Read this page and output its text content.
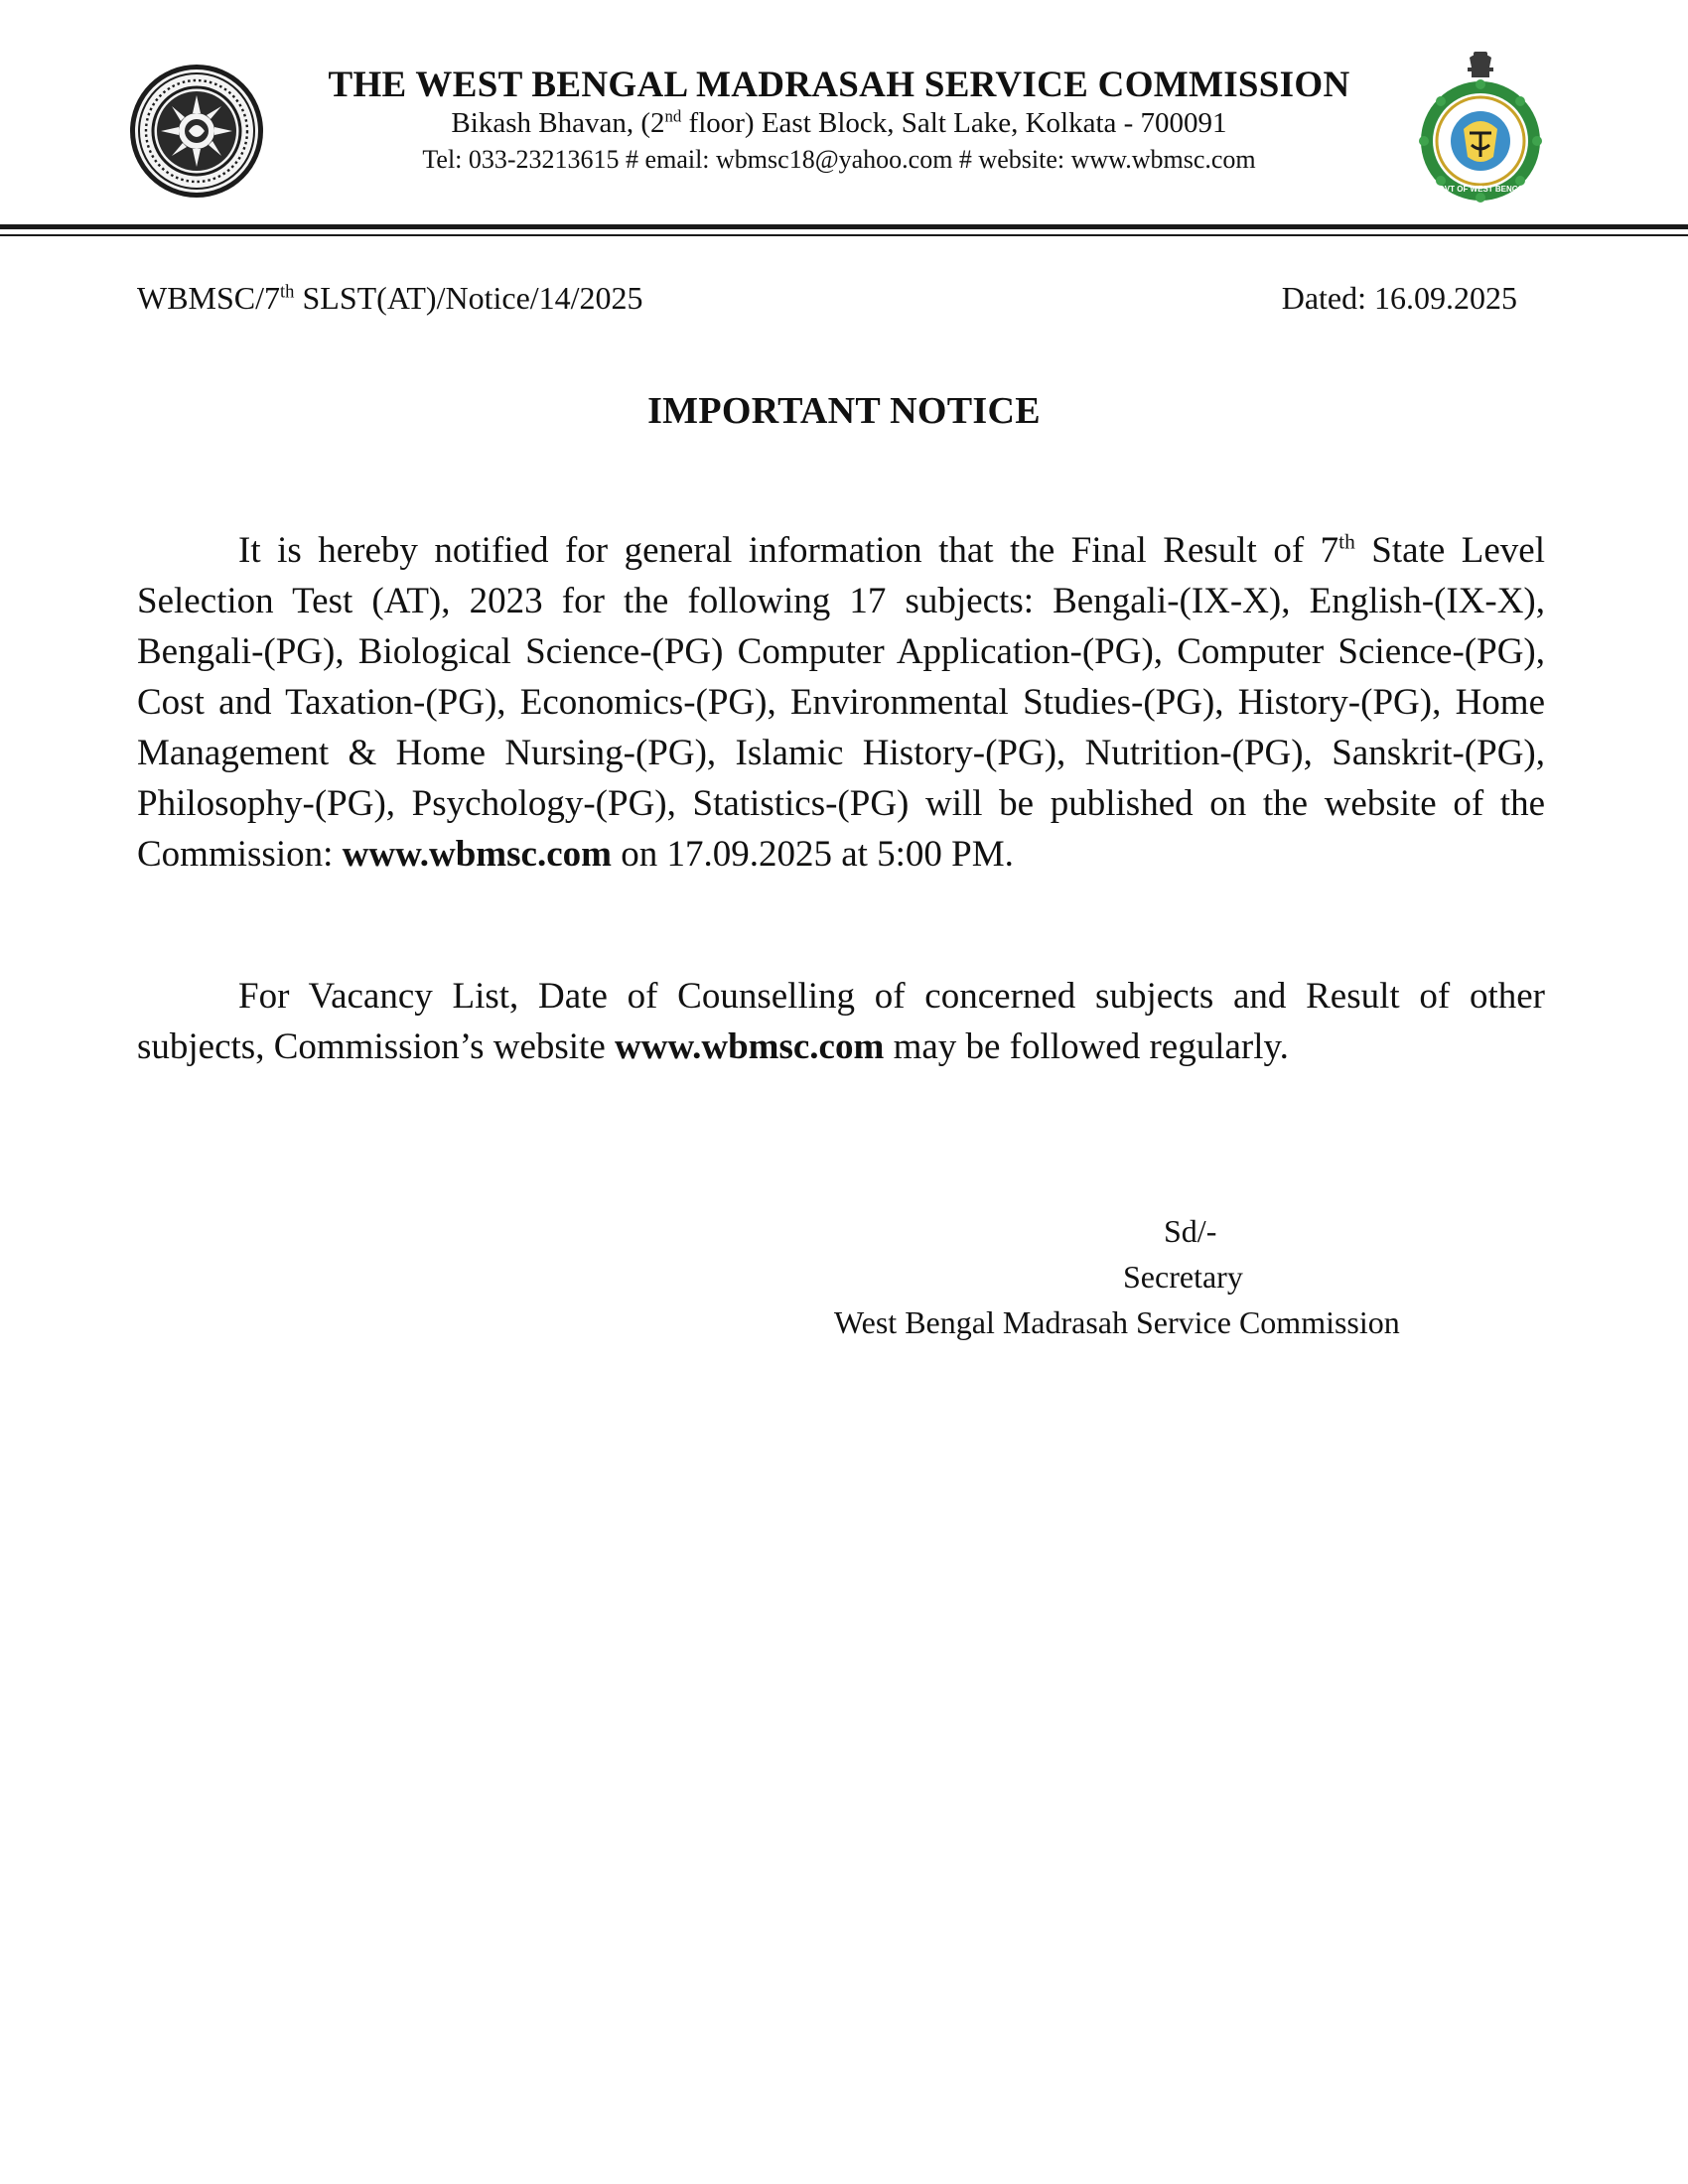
THE WEST BENGAL MADRASAH SERVICE COMMISSION
Bikash Bhavan, (2nd floor) East Block, Salt Lake, Kolkata - 700091
Tel: 033-23213615 # email: wbmsc18@yahoo.com # website: www.wbmsc.com
GOVT OF WEST BENGAL
WBMSC/7th SLST(AT)/Notice/14/2025	Dated: 16.09.2025
IMPORTANT NOTICE
It is hereby notified for general information that the Final Result of 7th State Level Selection Test (AT), 2023 for the following 17 subjects: Bengali-(IX-X), English-(IX-X), Bengali-(PG), Biological Science-(PG) Computer Application-(PG), Computer Science-(PG), Cost and Taxation-(PG), Economics-(PG), Environmental Studies-(PG), History-(PG), Home Management & Home Nursing-(PG), Islamic History-(PG), Nutrition-(PG), Sanskrit-(PG), Philosophy-(PG), Psychology-(PG), Statistics-(PG) will be published on the website of the Commission: www.wbmsc.com on 17.09.2025 at 5:00 PM.
For Vacancy List, Date of Counselling of concerned subjects and Result of other subjects, Commission’s website www.wbmsc.com may be followed regularly.
Sd/-
Secretary
West Bengal Madrasah Service Commission
